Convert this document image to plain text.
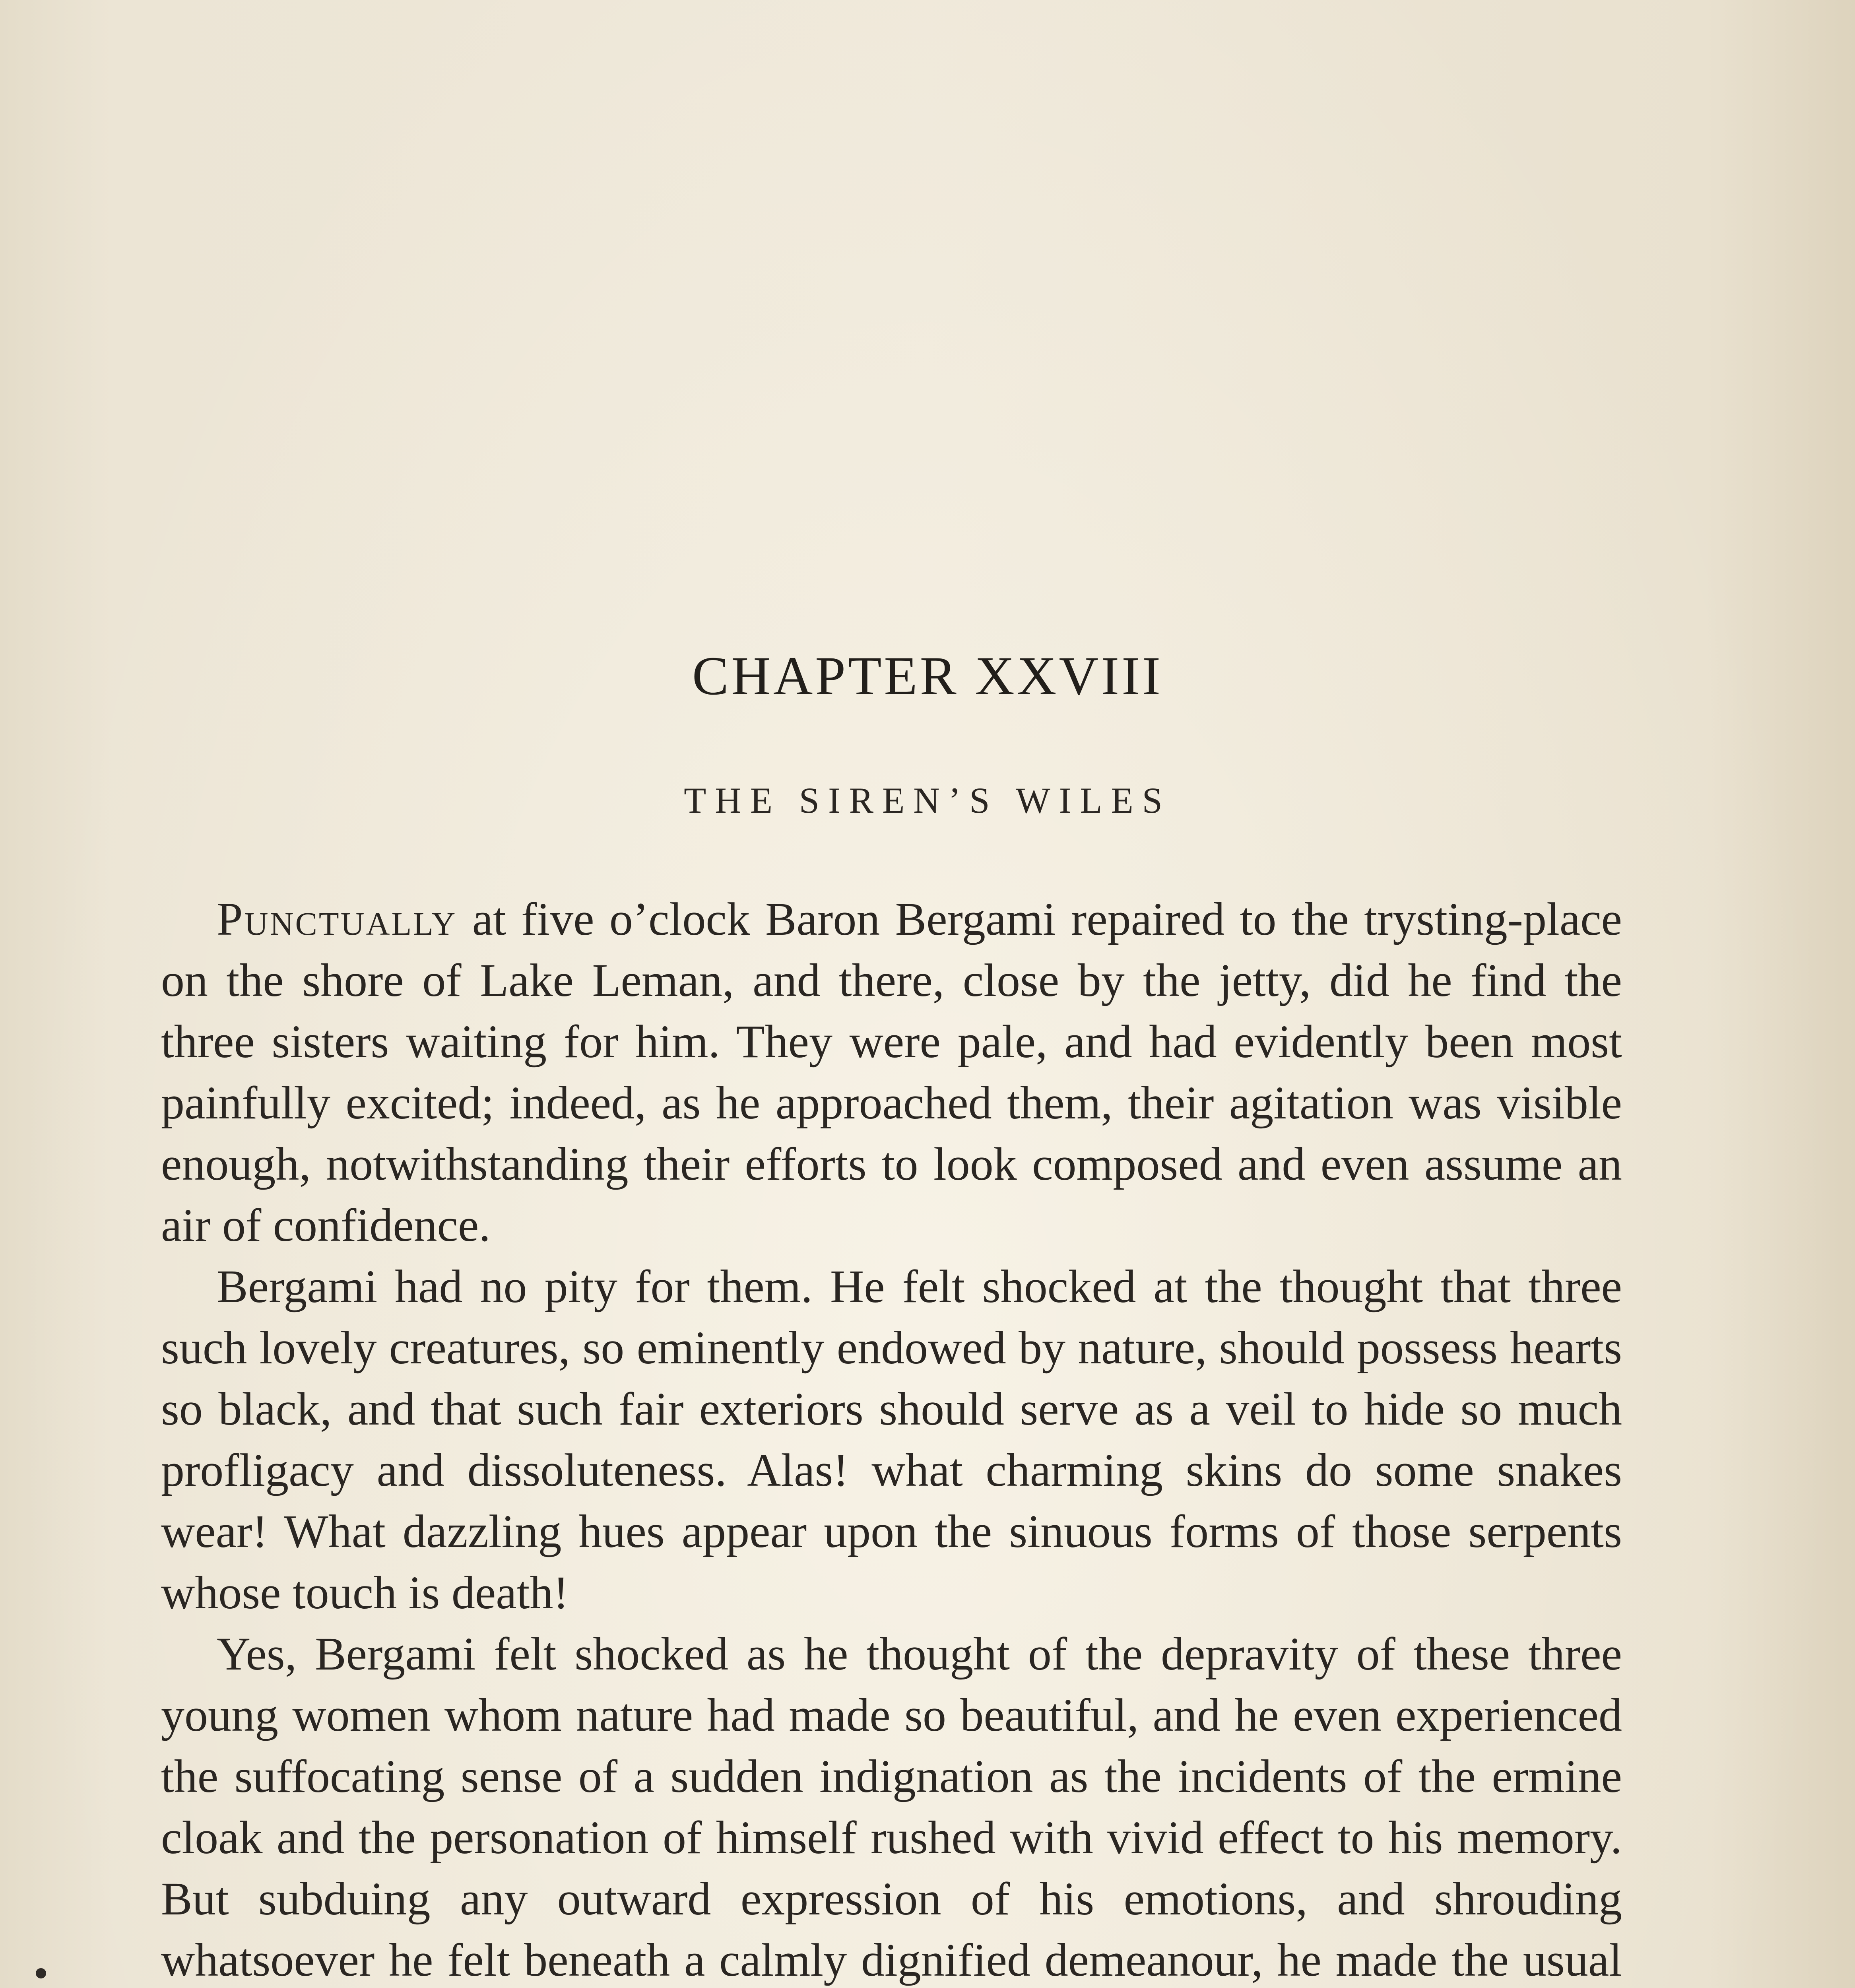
CHAPTER XXVIII
THE SIREN’S WILES

Punctually at five o’clock Baron Bergami repaired to the trysting-place on the shore of Lake Leman, and there, close by the jetty, did he find the three sisters waiting for him. They were pale, and had evidently been most painfully excited; indeed, as he approached them, their agitation was visible enough, notwithstanding their efforts to look composed and even assume an air of confidence.

Bergami had no pity for them. He felt shocked at the thought that three such lovely creatures, so eminently endowed by nature, should possess hearts so black, and that such fair exteriors should serve as a veil to hide so much profligacy and dissoluteness. Alas! what charming skins do some snakes wear! What dazzling hues appear upon the sinuous forms of those serpents whose touch is death!

Yes, Bergami felt shocked as he thought of the depravity of these three young women whom nature had made so beautiful, and he even experienced the suffocating sense of a sudden indignation as the incidents of the ermine cloak and the personation of himself rushed with vivid effect to his memory. But subduing any outward expression of his emotions, and shrouding whatsoever he felt beneath a calmly dignified demeanour, he made the usual
